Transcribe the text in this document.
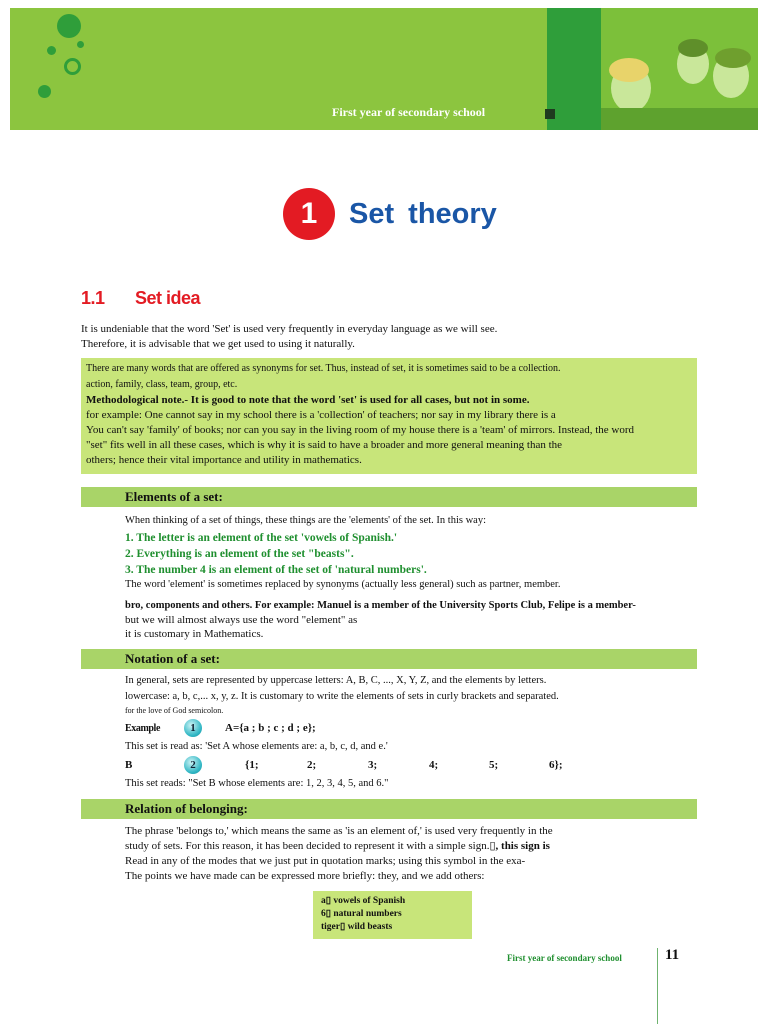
First year of secondary school
1	Set theory
1.1 Set idea
It is undeniable that the word 'Set' is used very frequently in everyday language as we will see.
Therefore, it is advisable that we get used to using it naturally.
There are many words that are offered as synonyms for set. Thus, instead of set, it is sometimes said to be a collection.
action, family, class, team, group, etc.
Methodological note.- It is good to note that the word 'set' is used for all cases, but not in some.
for example: One cannot say in my school there is a 'collection' of teachers; nor say in my library there is a
You can't say 'family' of books; nor can you say in the living room of my house there is a 'team' of mirrors. Instead, the word
"set" fits well in all these cases, which is why it is said to have a broader and more general meaning than the
others; hence their vital importance and utility in mathematics.
Elements of a set:
When thinking of a set of things, these things are the 'elements' of the set. In this way:
1. The letter is an element of the set 'vowels of Spanish.'
2. Everything is an element of the set "beasts".
3. The number 4 is an element of the set of 'natural numbers'.
The word 'element' is sometimes replaced by synonyms (actually less general) such as partner, member.
bro, components and others. For example: Manuel is a member of the University Sports Club, Felipe is a member-
but we will almost always use the word "element" as
it is customary in Mathematics.
Notation of a set:
In general, sets are represented by uppercase letters: A, B, C, ..., X, Y, Z, and the elements by letters.
lowercase: a, b, c,... x, y, z. It is customary to write the elements of sets in curly brackets and separated.
for the love of God semicolon.
Example	1	A={a ; b ; c ; d ; e};
This set is read as: 'Set A whose elements are: a, b, c, d, and e.'
B	2	{1;	2;	3;	4;	5;	6};
This set reads: "Set B whose elements are: 1, 2, 3, 4, 5, and 6."
Relation of belonging:
The phrase 'belongs to,' which means the same as 'is an element of,' is used very frequently in the
study of sets. For this reason, it has been decided to represent it with a simple sign.▯, this sign is
Read in any of the modes that we just put in quotation marks; using this symbol in the exa-
The points we have made can be expressed more briefly: they, and we add others:
a▯ vowels of Spanish
6▯ natural numbers
tiger▯ wild beasts
First year of secondary school	11
